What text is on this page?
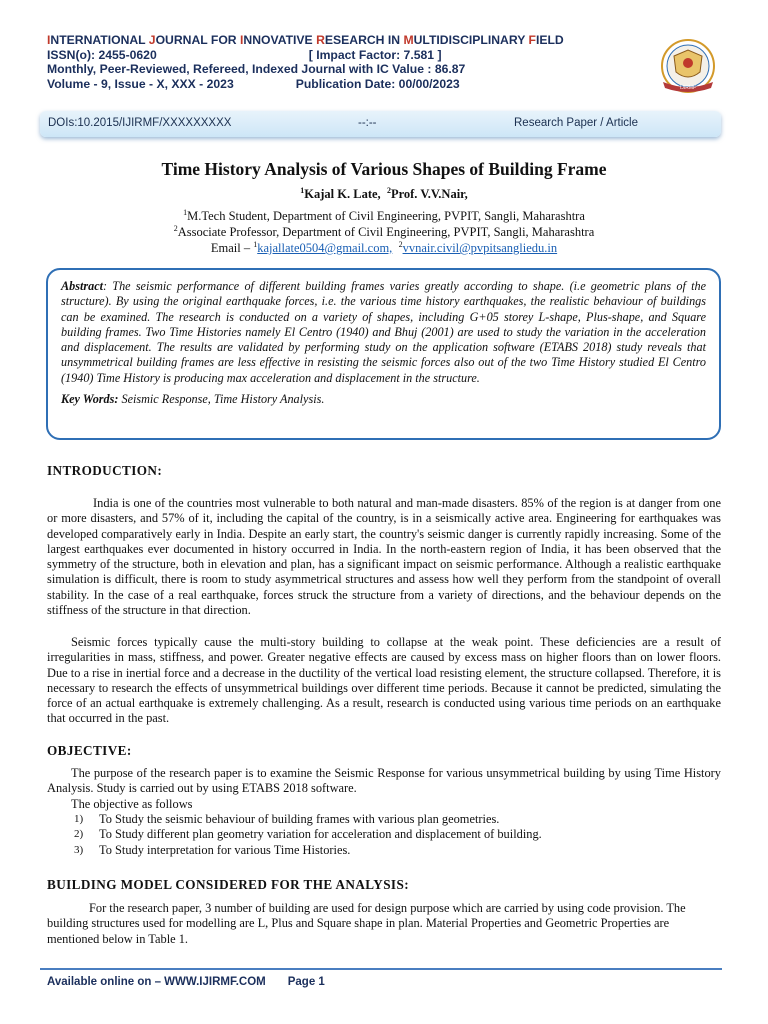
INTERNATIONAL JOURNAL FOR INNOVATIVE RESEARCH IN MULTIDISCIPLINARY FIELD
ISSN(o): 2455-0620	[ Impact Factor: 7.581 ]
Monthly, Peer-Reviewed, Refereed, Indexed Journal with IC Value : 86.87
Volume - 9, Issue - X, XXX - 2023	Publication Date: 00/00/2023	IJIRMF
DOIs:10.2015/IJIRMF/XXXXXXXXX	--:--	Research Paper / Article
Time History Analysis of Various Shapes of Building Frame
$^1$Kajal K. Late, $^2$Prof. V.V.Nair,
$^1$M.Tech Student, Department of Civil Engineering, PVPIT, Sangli, Maharashtra
$^2$Associate Professor, Department of Civil Engineering, PVPIT, Sangli, Maharashtra
Email – $^1$kajallate0504@gmail.com, $^2$vvnair.civil@pvpitsangliedu.in
Abstract: The seismic performance of different building frames varies greatly according to shape. (i.e geometric plans of the structure). By using the original earthquake forces, i.e. the various time history earthquakes, the realistic behaviour of buildings can be examined. The research is conducted on a variety of shapes, including G+05 storey L-shape, Plus-shape, and Square building frames. Two Time Histories namely El Centro (1940) and Bhuj (2001) are used to study the variation in the acceleration and displacement. The results are validated by performing study on the application software (ETABS 2018) study reveals that unsymmetrical building frames are less effective in resisting the seismic forces also out of the two Time History studied El Centro (1940) Time History is producing max acceleration and displacement in the structure.
Key Words: Seismic Response, Time History Analysis.
INTRODUCTION:
India is one of the countries most vulnerable to both natural and man-made disasters. 85% of the region is at danger from one or more disasters, and 57% of it, including the capital of the country, is in a seismically active area. Engineering for earthquakes was developed comparatively early in India. Despite an early start, the country's seismic danger is currently rapidly increasing. Some of the largest earthquakes ever documented in history occurred in India. In the north-eastern region of India, it has been observed that the symmetry of the structure, both in elevation and plan, has a significant impact on seismic performance. Although a realistic earthquake simulation is difficult, there is room to study asymmetrical structures and assess how well they perform from the standpoint of overall stability. In the case of a real earthquake, forces struck the structure from a variety of directions, and the behaviour depends on the stiffness of the structure in that direction.
Seismic forces typically cause the multi-story building to collapse at the weak point. These deficiencies are a result of irregularities in mass, stiffness, and power. Greater negative effects are caused by excess mass on higher floors than on lower floors. Due to a rise in inertial force and a decrease in the ductility of the vertical load resisting element, the structure collapsed. Therefore, it is necessary to research the effects of unsymmetrical buildings over different time periods. Because it cannot be predicted, simulating the force of an actual earthquake is extremely challenging. As a result, research is conducted using various time periods on an earthquake that occurred in the past.
OBJECTIVE:
The purpose of the research paper is to examine the Seismic Response for various unsymmetrical building by using Time History Analysis. Study is carried out by using ETABS 2018 software.
The objective as follows
1) To Study the seismic behaviour of building frames with various plan geometries.
2) To Study different plan geometry variation for acceleration and displacement of building.
3) To Study interpretation for various Time Histories.
BUILDING MODEL CONSIDERED FOR THE ANALYSIS:
For the research paper, 3 number of building are used for design purpose which are carried by using code provision. The building structures used for modelling are L, Plus and Square shape in plan. Material Properties and Geometric Properties are mentioned below in Table 1.
Available online on – WWW.IJIRMF.COM Page 1
